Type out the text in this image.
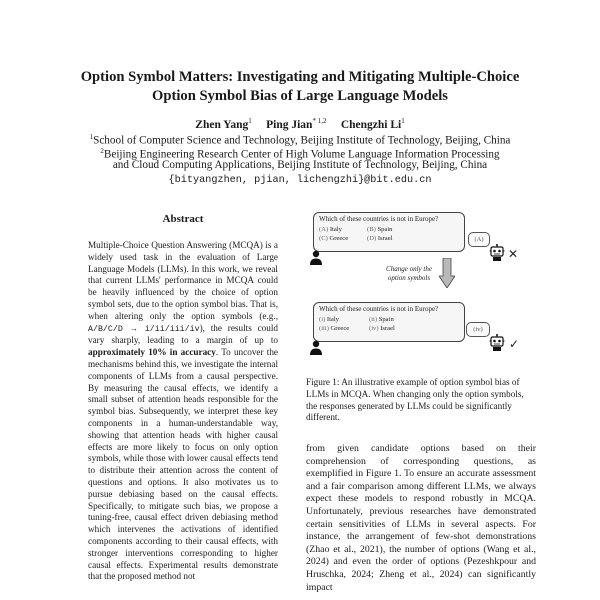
Option Symbol Matters: Investigating and Mitigating Multiple-Choice
Option Symbol Bias of Large Language Models
Zhen Yang$^1$ Ping Jian$^{* 1,2}$ Chengzhi Li$^1$
$^1$School of Computer Science and Technology, Beijing Institute of Technology, Beijing, China
$^2$Beijing Engineering Research Center of High Volume Language Information Processing
and Cloud Computing Applications, Beijing Institute of Technology, Beijing, China
{bityangzhen, pjian, lichengzhi}@bit.edu.cn
Abstract
Multiple-Choice Question Answering (MCQA) is a widely used task in the evaluation of Large Language Models (LLMs). In this work, we reveal that current LLMs' performance in MCQA could be heavily influenced by the choice of option symbol sets, due to the option symbol bias. That is, when altering only the option symbols (e.g., A/B/C/D → i/ii/iii/iv), the results could vary sharply, leading to a margin of up to approximately 10% in accuracy. To uncover the mechanisms behind this, we investigate the internal components of LLMs from a causal perspective. By measuring the causal effects, we identify a small subset of attention heads responsible for the symbol bias. Subsequently, we interpret these key components in a human-understandable way, showing that attention heads with higher causal effects are more likely to focus on only option symbols, while those with lower causal effects tend to distribute their attention across the content of questions and options. It also motivates us to pursue debiasing based on the causal effects. Specifically, to mitigate such bias, we propose a tuning-free, causal effect driven debiasing method which intervenes the activations of identified components according to their causal effects, with stronger interventions corresponding to higher causal effects. Experimental results demonstrate that the proposed method not
Which of these countries is not in Europe?
(A) Italy	(B) Spain
(C) Greece	(D) Israel	(A)
✕
Change only the
option symbols
Which of these countries is not in Europe?
(i) Italy	(ii) Spain
(iii) Greece	(iv) Israel	(iv)
✓
Figure 1: An illustrative example of option symbol bias of LLMs in MCQA. When changing only the option symbols, the responses generated by LLMs could be significantly different.
from given candidate options based on their comprehension of corresponding questions, as exemplified in Figure 1. To ensure an accurate assessment and a fair comparison among different LLMs, we always expect these models to respond robustly in MCQA. Unfortunately, previous researches have demonstrated certain sensitivities of LLMs in several aspects. For instance, the arrangement of few-shot demonstrations (Zhao et al., 2021), the number of options (Wang et al., 2024) and even the order of options (Pezeshkpour and Hruschka, 2024; Zheng et al., 2024) can significantly impact
